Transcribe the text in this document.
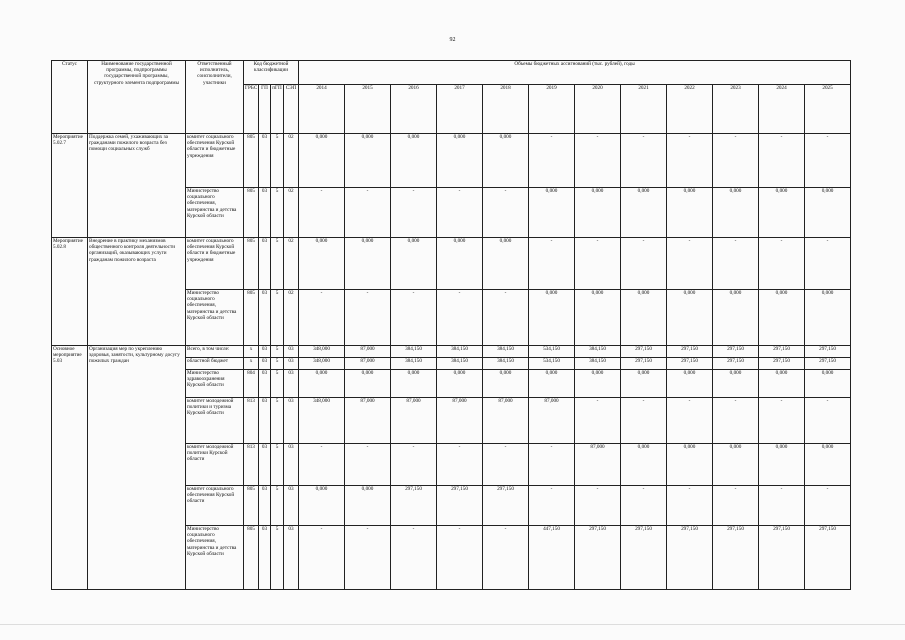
92
Статус	Наименование государственной программы, подпрограммы государственной программы, структурного элемента подпрограммы	Ответственный исполнитель, соисполнители, участники	Код бюджетной классификации				Объемы бюджетных ассигнований (тыс. рублей), годы											
			ГРБС	ГП	пГП	СЭП	2014	2015	2016	2017	2018	2019	2020	2021	2022	2023	2024	2025
Мероприятие 5.02.7	Поддержка семей, ухаживающих за гражданами пожилого возраста без помощи социальных служб	комитет социального обеспечения Курской области и бюджетные учреждения	805	03	5	02	0,000	0,000	0,000	0,000	0,000	-	-	-	-	-	-	-
		Министерство социального обеспечения, материнства и детства Курской области	805	03	5	02	-	-	-	-	-	0,000	0,000	0,000	0,000	0,000	0,000	0,000
Мероприятие 5.02.8	Внедрение в практику механизмов общественного контроля деятельности организаций, оказывающих услуги гражданам пожилого возраста	комитет социального обеспечения Курской области и бюджетные учреждения	805	03	5	02	0,000	0,000	0,000	0,000	0,000	-	-	-	-	-	-	-
		Министерство социального обеспечения, материнства и детства Курской области	805	03	5	02	-	-	-	-	-	0,000	0,000	0,000	0,000	0,000	0,000	0,000
Основное мероприятие 5.03	Организация мер по укреплению здоровья, занятости, культурному досугу пожилых граждан	Всего, в том числе:	x	03	5	03	348,000	87,000	384,150	384,150	384,150	534,150	384,150	297,150	297,150	297,150	297,150	297,150
		областной бюджет	x	03	5	03	348,000	87,000	384,150	384,150	384,150	534,150	384,150	297,150	297,150	297,150	297,150	297,150
		Министерство здравоохранения Курской области	804	03	5	03	0,000	0,000	0,000	0,000	0,000	0,000	0,000	0,000	0,000	0,000	0,000	0,000
		комитет молодежной политики и туризма Курской области	813	03	5	03	348,000	87,000	87,000	87,000	87,000	87,000	-	-	-	-	-	-
		комитет молодежной политики Курской области	813	03	5	03	-	-	-	-	-	-	87,000	0,000	0,000	0,000	0,000	0,000
		комитет социального обеспечения Курской области	805	03	5	03	0,000	0,000	297,150	297,150	297,150	-	-	-	-	-	-	-
		Министерство социального обеспечения, материнства и детства Курской области	805	03	5	03	-	-	-	-	-	447,150	297,150	297,150	297,150	297,150	297,150	297,150
